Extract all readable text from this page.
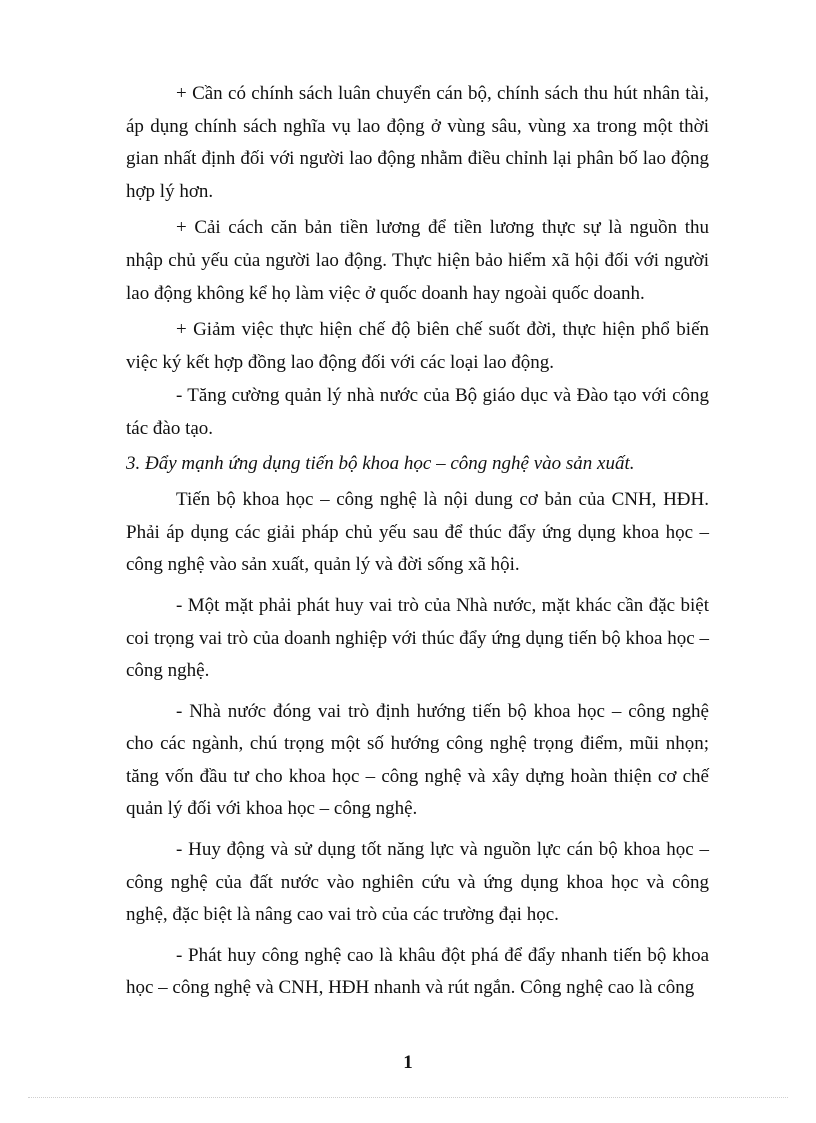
+ Cần có chính sách luân chuyển cán bộ, chính sách thu hút nhân tài, áp dụng chính sách nghĩa vụ lao động ở vùng sâu, vùng xa trong một thời gian nhất định đối với người lao động nhằm điều chỉnh lại phân bố lao động hợp lý hơn.

+ Cải cách căn bản tiền lương để tiền lương thực sự là nguồn thu nhập chủ yếu của người lao động. Thực hiện bảo hiểm xã hội đối với người lao động không kể họ làm việc ở quốc doanh hay ngoài quốc doanh.

+ Giảm việc thực hiện chế độ biên chế suốt đời, thực hiện phổ biến việc ký kết hợp đồng lao động đối với các loại lao động.

- Tăng cường quản lý nhà nước của Bộ giáo dục và Đào tạo với công tác đào tạo.

3. Đẩy mạnh ứng dụng tiến bộ khoa học – công nghệ vào sản xuất.

Tiến bộ khoa học – công nghệ là nội dung cơ bản của CNH, HĐH. Phải áp dụng các giải pháp chủ yếu sau để thúc đẩy ứng dụng khoa học – công nghệ vào sản xuất, quản lý và đời sống xã hội.

- Một mặt phải phát huy vai trò của Nhà nước, mặt khác cần đặc biệt coi trọng vai trò của doanh nghiệp với thúc đẩy ứng dụng tiến bộ khoa học – công nghệ.

- Nhà nước đóng vai trò định hướng tiến bộ khoa học – công nghệ cho các ngành, chú trọng một số hướng công nghệ trọng điểm, mũi nhọn; tăng vốn đầu tư cho khoa học – công nghệ và xây dựng hoàn thiện cơ chế quản lý đối với khoa học – công nghệ.

- Huy động và sử dụng tốt năng lực và nguồn lực cán bộ khoa học – công nghệ của đất nước vào nghiên cứu và ứng dụng khoa học và công nghệ, đặc biệt là nâng cao vai trò của các trường đại học.

- Phát huy công nghệ cao là khâu đột phá để đẩy nhanh tiến bộ khoa học – công nghệ và CNH, HĐH nhanh và rút ngắn. Công nghệ cao là công

1
